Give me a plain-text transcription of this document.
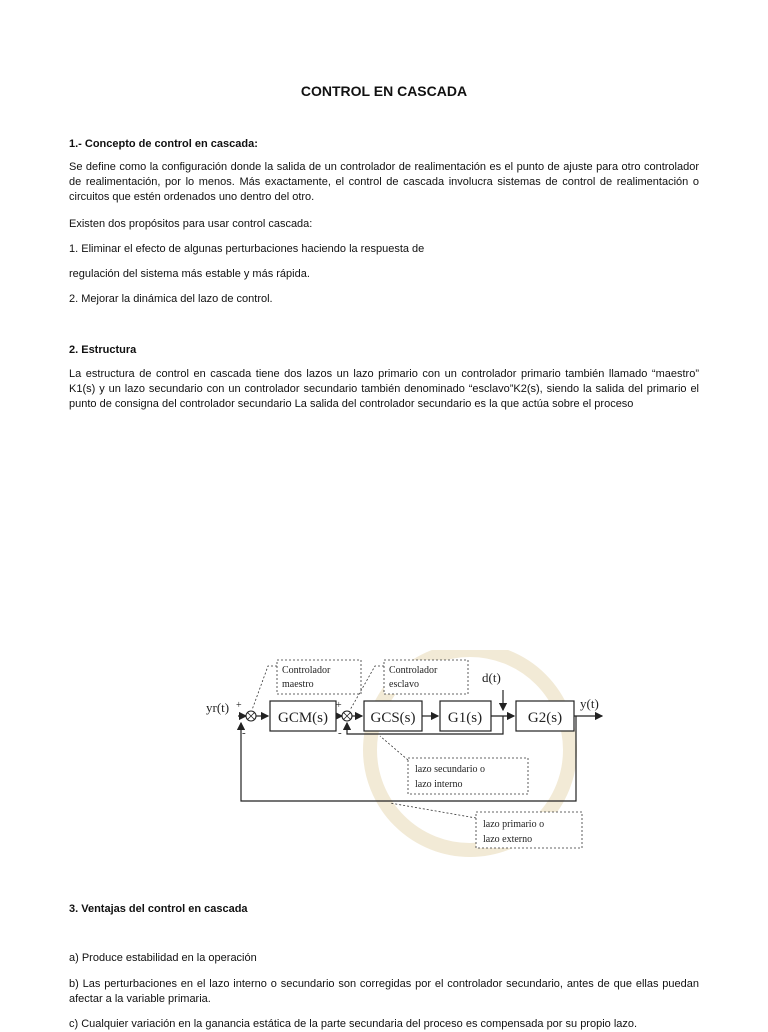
CONTROL EN CASCADA
1.- Concepto de control en cascada:
Se define como la configuración donde la salida de un controlador de realimentación es el punto de ajuste para otro controlador de realimentación, por lo menos. Más exactamente, el control de cascada involucra sistemas de control de realimentación o circuitos que estén ordenados uno dentro del otro.
Existen dos propósitos para usar control cascada:
1. Eliminar el efecto de algunas perturbaciones haciendo la respuesta de
regulación del sistema más estable y más rápida.
2. Mejorar la dinámica del lazo de control.
2. Estructura
La estructura de control en cascada tiene dos lazos un lazo primario con un controlador primario también llamado “maestro” K1(s) y un lazo secundario con un controlador secundario también denominado “esclavo”K2(s), siendo la salida del primario el punto de consigna del controlador secundario La salida del controlador secundario es la que actúa sobre el proceso
+
-
+
-
GCM(s)	GCS(s) G1(s)	G2(s)
yr(t)	y(t)
d(t)
Controlador
maestro
Controlador
esclavo
lazo secundario o
lazo interno
lazo primario o
lazo externo
3. Ventajas del control en cascada
a) Produce estabilidad en la operación
b) Las perturbaciones en el lazo interno o secundario son corregidas por el controlador secundario, antes de que ellas puedan afectar a la variable primaria.
c) Cualquier variación en la ganancia estática de la parte secundaria del proceso es compensada por su propio lazo.
